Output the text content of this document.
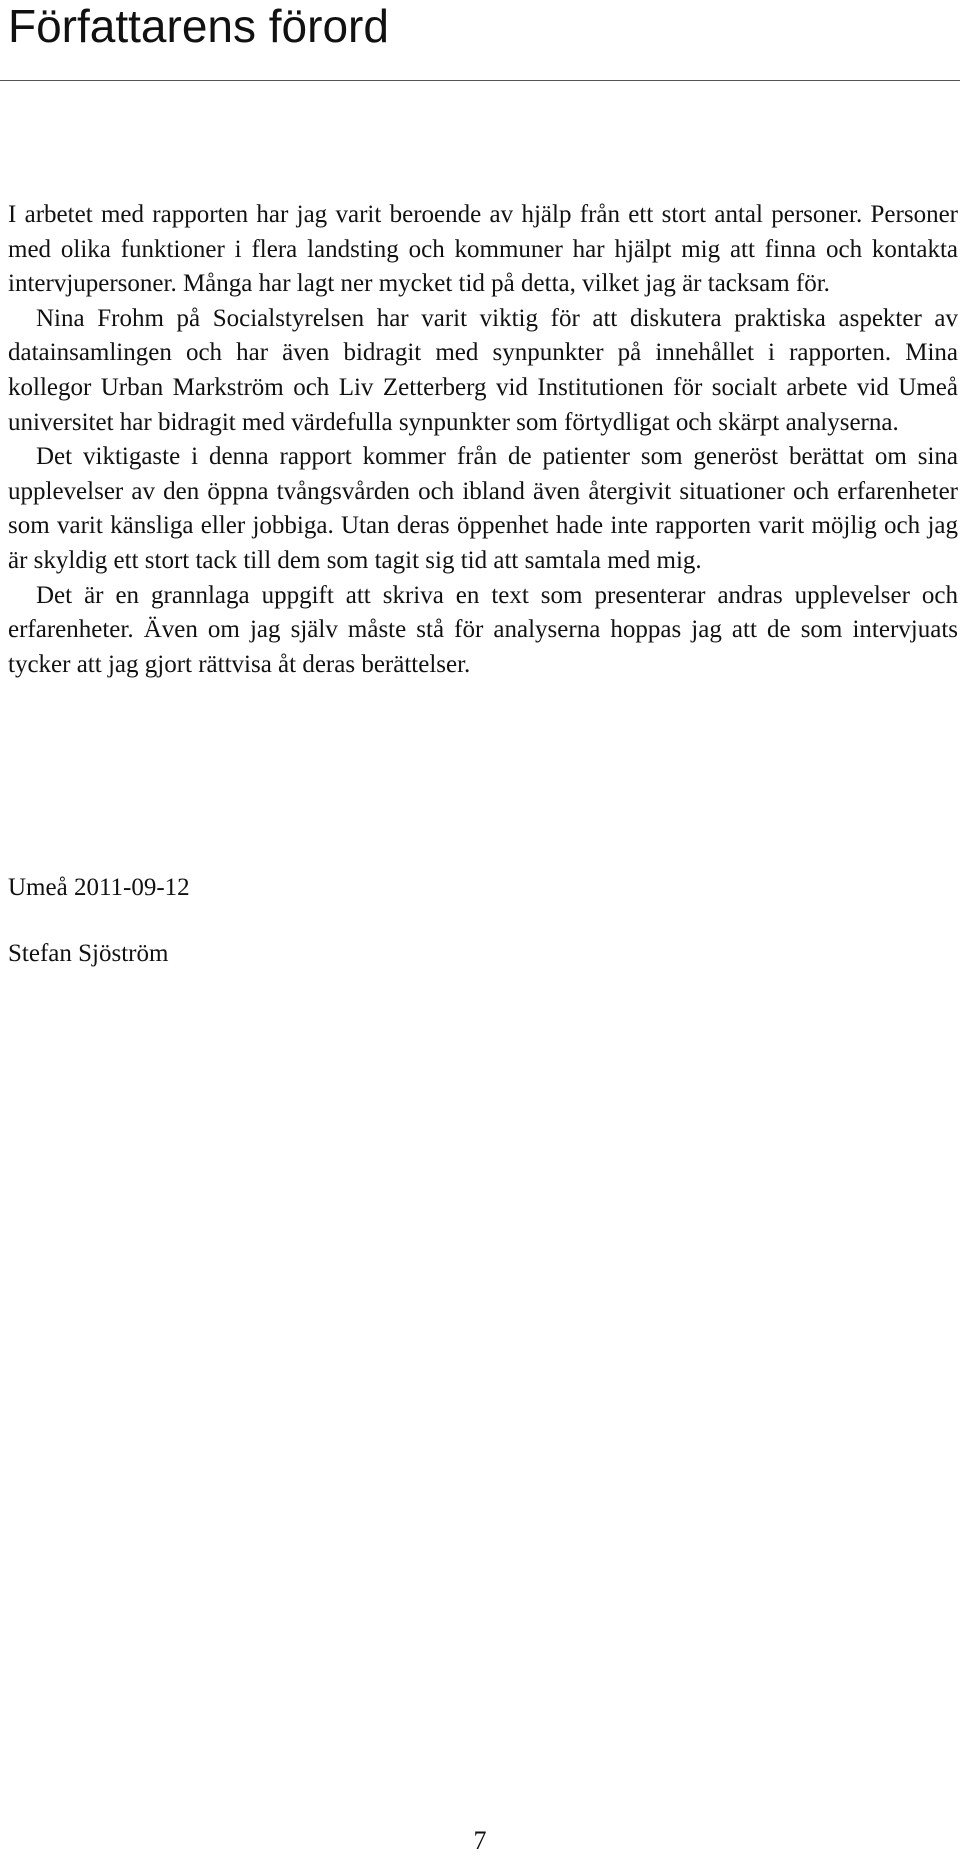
Författarens förord

I arbetet med rapporten har jag varit beroende av hjälp från ett stort antal personer. Personer med olika funktioner i flera landsting och kommuner har hjälpt mig att finna och kontakta intervjupersoner. Många har lagt ner mycket tid på detta, vilket jag är tacksam för.

Nina Frohm på Socialstyrelsen har varit viktig för att diskutera praktiska aspekter av datainsamlingen och har även bidragit med synpunkter på innehållet i rapporten. Mina kollegor Urban Markström och Liv Zetterberg vid Institutionen för socialt arbete vid Umeå universitet har bidragit med värdefulla synpunkter som förtydligat och skärpt analyserna.

Det viktigaste i denna rapport kommer från de patienter som generöst berättat om sina upplevelser av den öppna tvångsvården och ibland även återgivit situationer och erfarenheter som varit känsliga eller jobbiga. Utan deras öppenhet hade inte rapporten varit möjlig och jag är skyldig ett stort tack till dem som tagit sig tid att samtala med mig.

Det är en grannlaga uppgift att skriva en text som presenterar andras upplevelser och erfarenheter. Även om jag själv måste stå för analyserna hoppas jag att de som intervjuats tycker att jag gjort rättvisa åt deras berättelser.

Umeå 2011-09-12

Stefan Sjöström

7
